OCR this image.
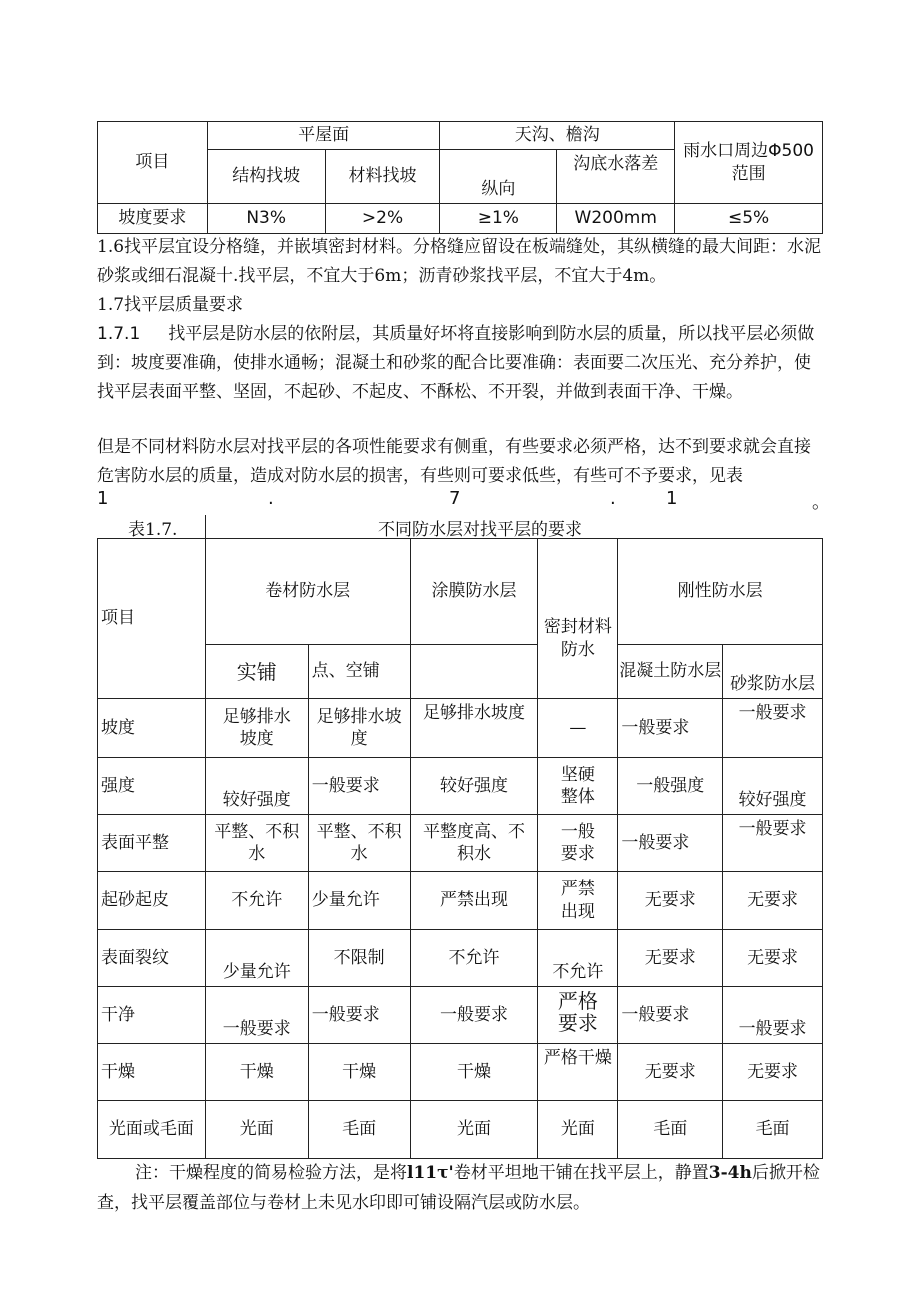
项目	平屋面		天沟、檐沟		雨水口周边Φ500范围
	结构找坡	材料找坡	纵向	沟底水落差	
坡度要求	N3%	>2%	≥1%	W200mm	≤5%
1.6找平层宜设分格缝，并嵌填密封材料。分格缝应留设在板端缝处，其纵横缝的最大间距：水泥砂浆或细石混凝十.找平层，不宜大于6m；沥青砂浆找平层，不宜大于4m。
1.7找平层质量要求
1.7.1 找平层是防水层的依附层，其质量好坏将直接影响到防水层的质量，所以找平层必须做到：坡度要准确，使排水通畅；混凝土和砂浆的配合比要准确：表面要二次压光、充分养护，使找平层表面平整、坚固，不起砂、不起皮、不酥松、不开裂，并做到表面干净、干燥。
但是不同材料防水层对找平层的各项性能要求有侧重，有些要求必须严格，达不到要求就会直接危害防水层的质量，造成对防水层的损害，有些则可要求低些，有些可不予要求，见表
1	.	7	.	1	。
表1.7.	不同防水层对找平层的要求
项目	卷材防水层		涂膜防水层	密封材料防水	刚性防水层	
	实铺	点、空铺			混凝土防水层	砂浆防水层
坡度	足够排水坡度	足够排水坡度	足够排水坡度	—	一般要求	一般要求
强度	较好强度	一般要求	较好强度	坚硬整体	一般强度	较好强度
表面平整	平整、不积水	平整、不积水	平整度高、不积水	一般要求	一般要求	一般要求
起砂起皮	不允许	少量允许	严禁出现	严禁出现	无要求	无要求
表面裂纹	少量允许	不限制	不允许	不允许	无要求	无要求
干净	一般要求	一般要求	一般要求	严格要求	一般要求	一般要求
干燥	干燥	干燥	干燥	严格干燥	无要求	无要求
光面或毛面	光面	毛面	光面	光面	毛面	毛面
注：干燥程度的简易检验方法，是将l11τ'卷材平坦地干铺在找平层上，静置3-4h后掀开检查，找平层覆盖部位与卷材上未见水印即可铺设隔汽层或防水层。
